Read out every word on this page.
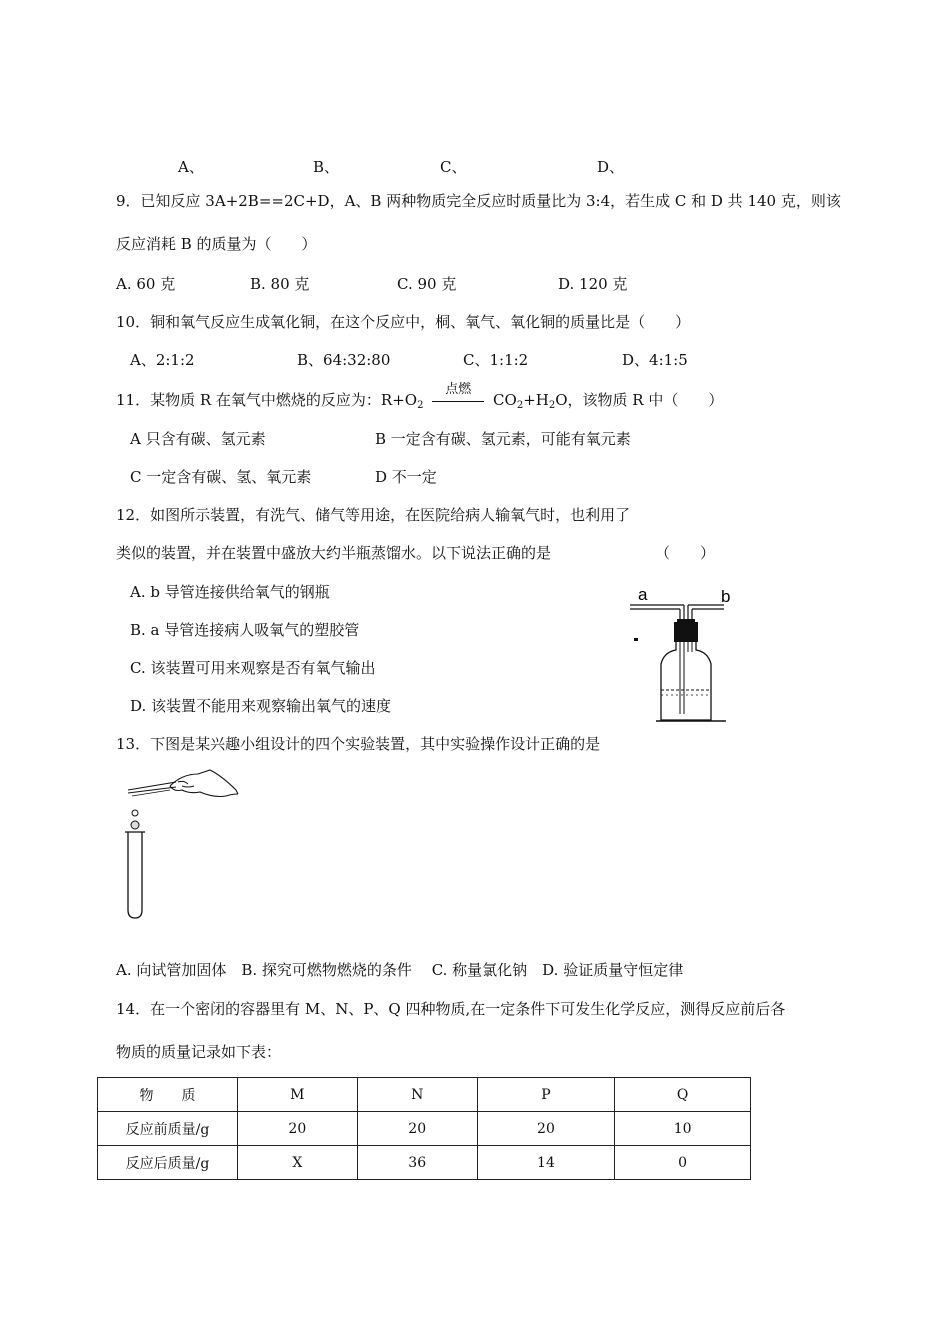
A、	B、	C、	D、
9．已知反应 3A+2B==2C+D，A、B 两种物质完全反应时质量比为 3:4，若生成 C 和 D 共 140 克，则该
反应消耗 B 的质量为（　　）
A. 60 克	B. 80 克	C. 90 克	D. 120 克
10．铜和氧气反应生成氧化铜，在这个反应中，桐、氧气、氧化铜的质量比是（　　）
A、2:1:2	B、64:32:80	C、1:1:2	D、4:1:5
11．某物质 R 在氧气中燃烧的反应为：$R+O_2$
点燃
$CO_2+H_2O$，该物质 R 中（　　）
A 只含有碳、氢元素	B 一定含有碳、氢元素，可能有氧元素
C 一定含有碳、氢、氧元素	D 不一定
12．如图所示装置，有洗气、储气等用途，在医院给病人输氧气时，也利用了
类似的装置，并在装置中盛放大约半瓶蒸馏水。以下说法正确的是	（　　）
A. b 导管连接供给氧气的钢瓶
B. a 导管连接病人吸氧气的塑胶管
C. 该装置可用来观察是否有氧气输出
D. 该装置不能用来观察输出氧气的速度
a	b
13．下图是某兴趣小组设计的四个实验装置，其中实验操作设计正确的是
A. 向试管加固体　B. 探究可燃物燃烧的条件　 C. 称量氯化钠　D. 验证质量守恒定律
14．在一个密闭的容器里有 M、N、P、Q 四种物质,在一定条件下可发生化学反应，测得反应前后各
物质的质量记录如下表：
物　　质	M	N	P	Q
反应前质量/g	20	20	20	10
反应后质量/g	X	36	14	0
